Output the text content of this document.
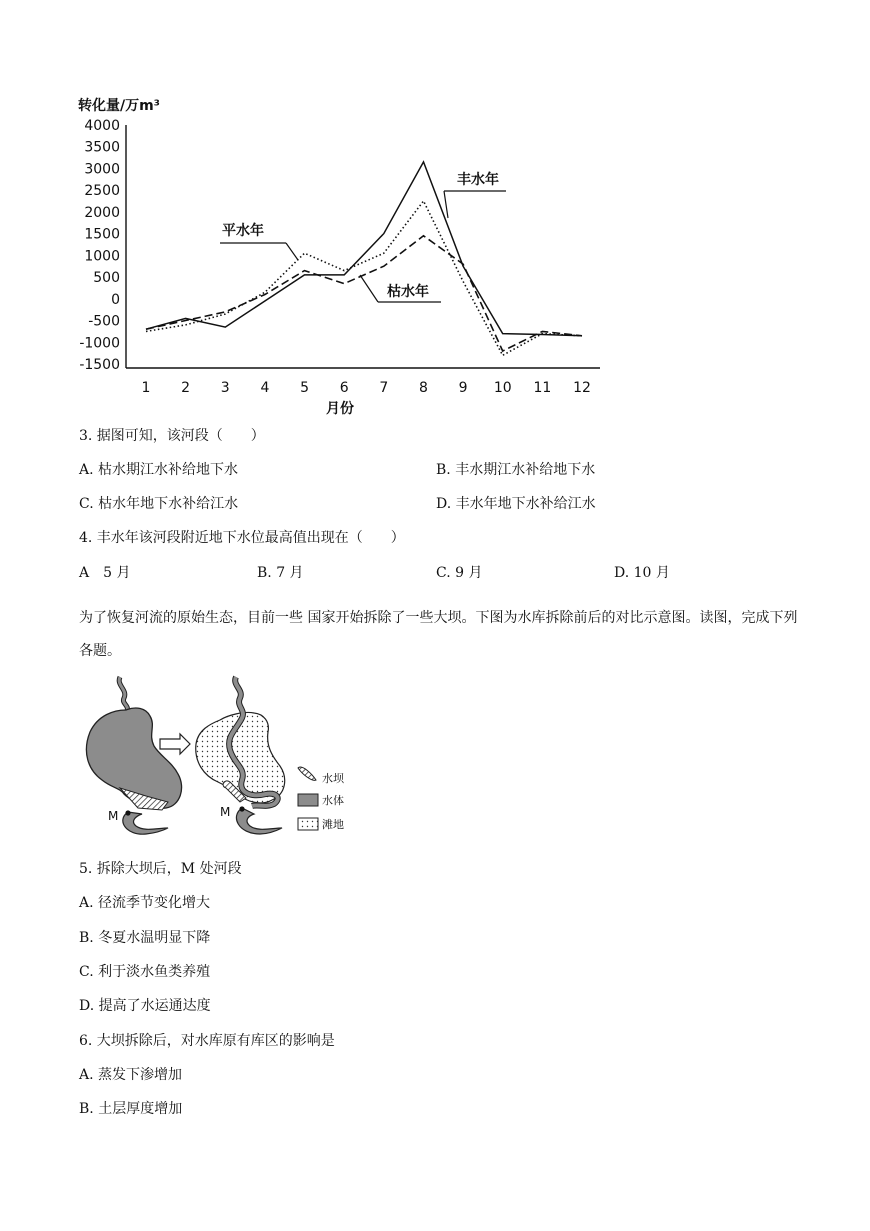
转化量/万m³
4000
3500
3000
2500
2000
1500
1000
500
0
-500
-1000
-1500
1 2 3 4 5 6 7 8 9 10 11 12
月份
丰水年
平水年
枯水年
3. 据图可知，该河段（　　）
A. 枯水期江水补给地下水	B. 丰水期江水补给地下水
C. 枯水年地下水补给江水	D. 丰水年地下水补给江水
4. 丰水年该河段附近地下水位最高值出现在（　　）
A　5 月	B. 7 月	C. 9 月	D. 10 月
为了恢复河流的原始生态，目前一些 国家开始拆除了一些大坝。下图为水库拆除前后的对比示意图。读图，完成下列各题。
M	M
水坝
水体
滩地
5. 拆除大坝后，M 处河段
A. 径流季节变化增大
B. 冬夏水温明显下降
C. 利于淡水鱼类养殖
D. 提高了水运通达度
6. 大坝拆除后，对水库原有库区的影响是
A. 蒸发下渗增加
B. 土层厚度增加
